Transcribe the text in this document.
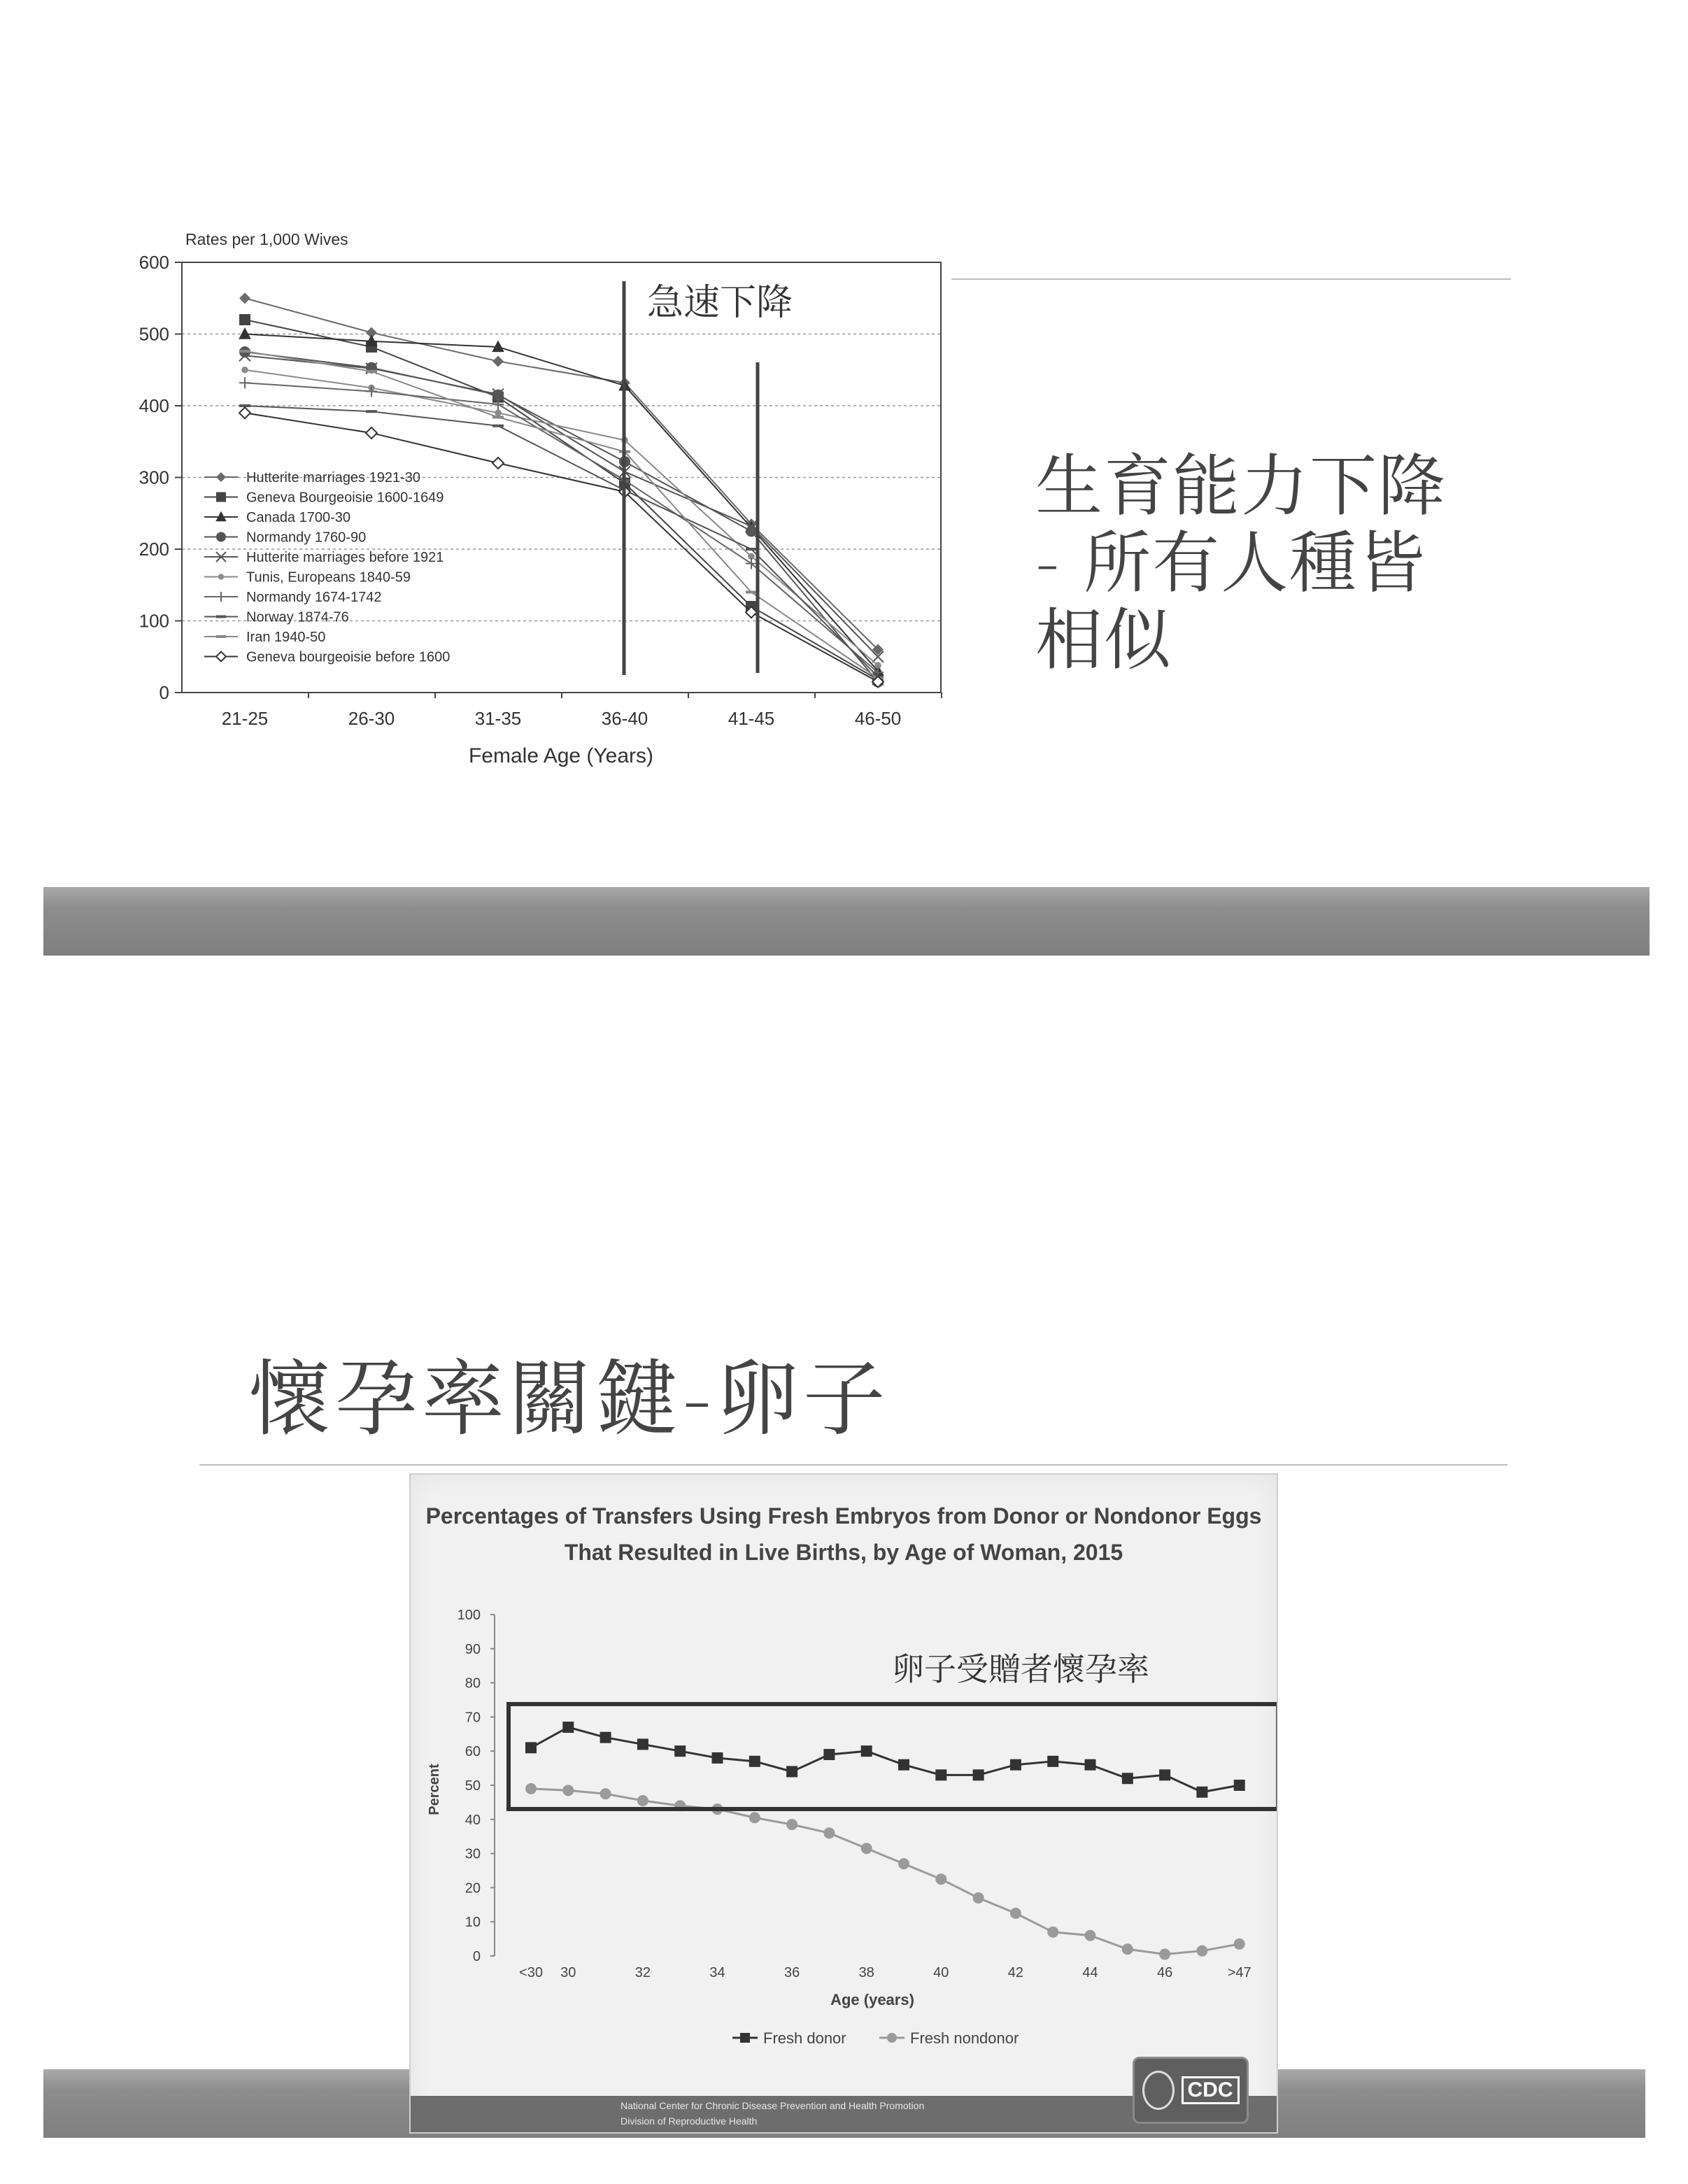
Rates per 1,000 Wives
0
100
200
300
400
500
600
21-25	26-30	31-35	36-40	41-45	46-50
Female Age (Years)
急速下降
Hutterite marriages 1921-30
Geneva Bourgeoisie 1600-1649
Canada 1700-30
Normandy 1760-90
Hutterite marriages before 1921
Tunis, Europeans 1840-59
Normandy 1674-1742
Norway 1874-76
Iran 1940-50
Geneva bourgeoisie before 1600
生育能力下降
- 所有人種皆
相似
懷孕率關鍵-卵子
Percentages of Transfers Using Fresh Embryos from Donor or Nondonor Eggs
That Resulted in Live Births, by Age of Woman, 2015
0
10
20
30
40
50
60
70
80
90
100
<30 30	32	34	36	38	40	42	44	46	>47
Percent
Age (years)
卵子受贈者懷孕率
Fresh donor	Fresh nondonor
National Center for Chronic Disease Prevention and Health Promotion
Division of Reproductive Health
CDC
